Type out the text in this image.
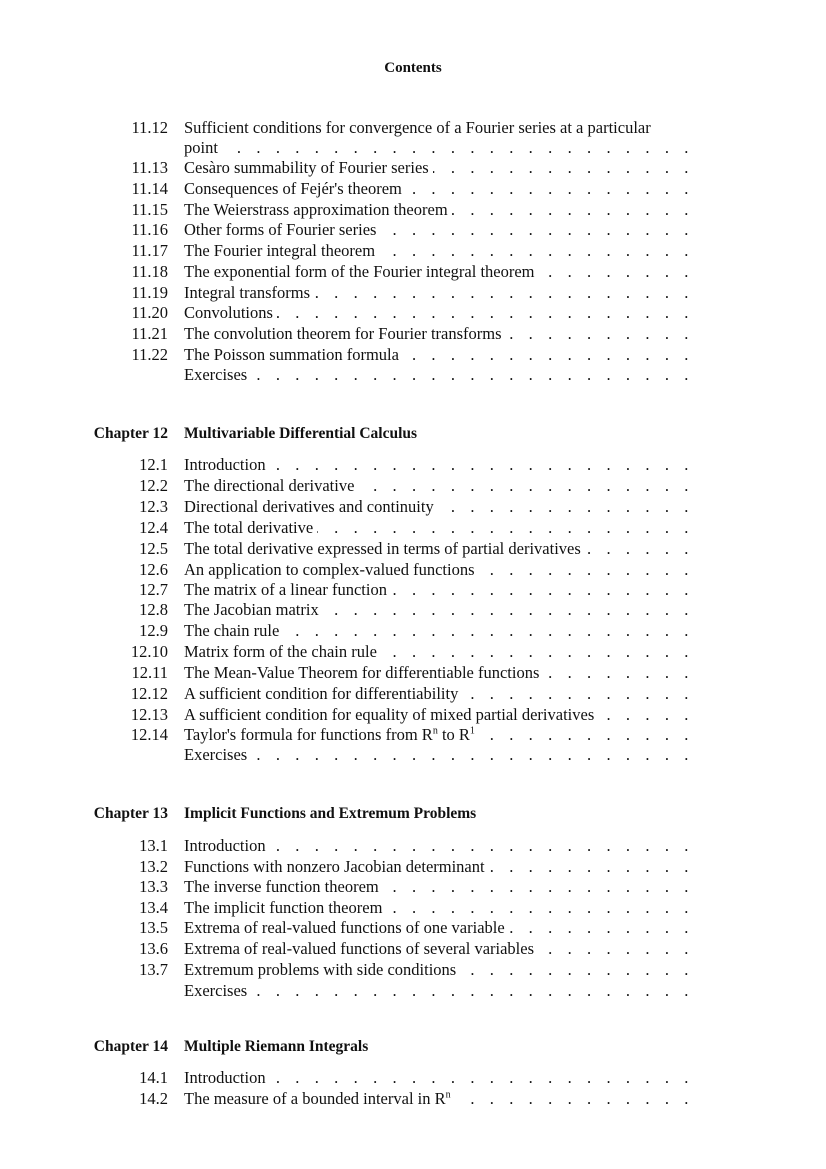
Contents
11.12 Sufficient conditions for convergence of a Fourier series at a particular
point . . .
11.13 Cesàro summability of Fourier series . . .
11.14 Consequences of Fejér's theorem . . .
11.15 The Weierstrass approximation theorem . . .
11.16 Other forms of Fourier series . . .
11.17 The Fourier integral theorem . . .
11.18 The exponential form of the Fourier integral theorem . . .
11.19 Integral transforms . . .
11.20 Convolutions . . .
11.21 The convolution theorem for Fourier transforms . . .
11.22 The Poisson summation formula . . .
Exercises . . .
Chapter 12 Multivariable Differential Calculus
12.1 Introduction . . .
12.2 The directional derivative . . .
12.3 Directional derivatives and continuity . . .
12.4 The total derivative . . .
12.5 The total derivative expressed in terms of partial derivatives . . .
12.6 An application to complex-valued functions . . .
12.7 The matrix of a linear function . . .
12.8 The Jacobian matrix . . .
12.9 The chain rule . . .
12.10 Matrix form of the chain rule . . .
12.11 The Mean-Value Theorem for differentiable functions . . .
12.12 A sufficient condition for differentiability . . .
12.13 A sufficient condition for equality of mixed partial derivatives . . .
12.14 Taylor's formula for functions from $R^n$ to $R^1$ . . .
Exercises . . .
Chapter 13 Implicit Functions and Extremum Problems
13.1 Introduction . . .
13.2 Functions with nonzero Jacobian determinant . . .
13.3 The inverse function theorem . . .
13.4 The implicit function theorem . . .
13.5 Extrema of real-valued functions of one variable . . .
13.6 Extrema of real-valued functions of several variables . . .
13.7 Extremum problems with side conditions . . .
Exercises . . .
Chapter 14 Multiple Riemann Integrals
14.1 Introduction . . .
14.2 The measure of a bounded interval in $R^n$ . . .
